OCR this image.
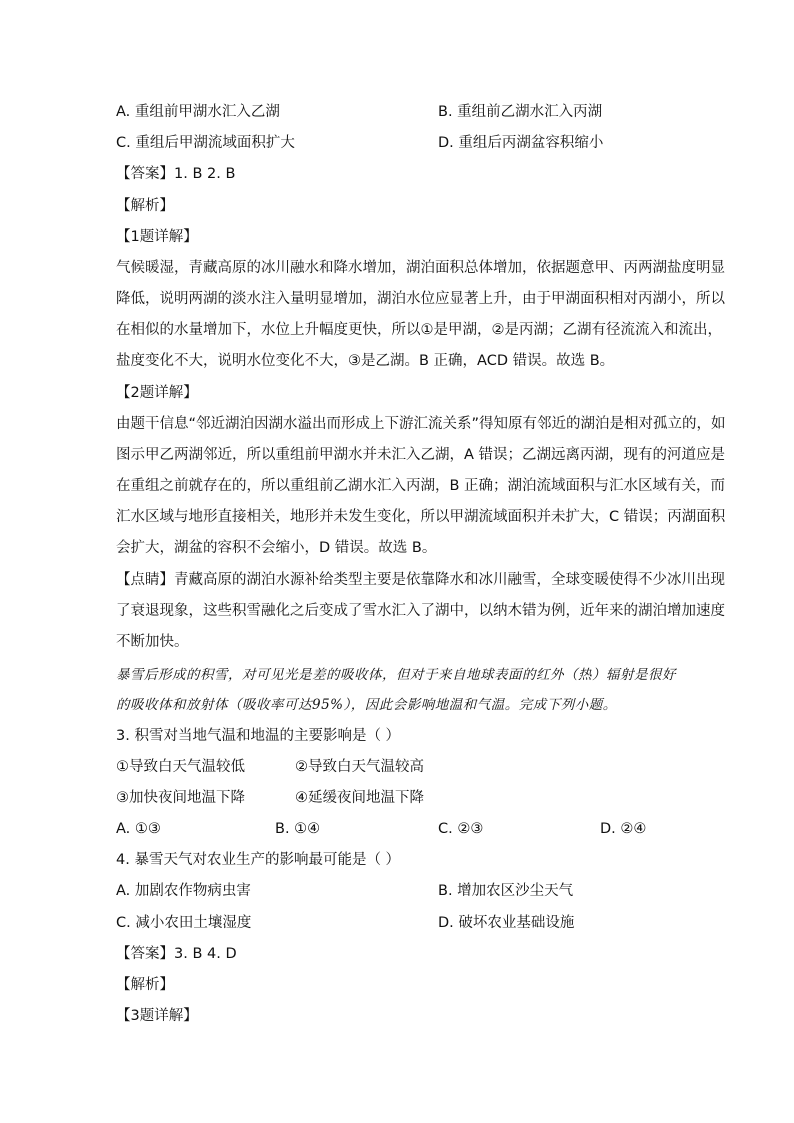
A. 重组前甲湖水汇入乙湖	B. 重组前乙湖水汇入丙湖
C. 重组后甲湖流域面积扩大	D. 重组后丙湖盆容积缩小
【答案】1. B 2. B
【解析】
【1题详解】
气候暖湿，青藏高原的冰川融水和降水增加，湖泊面积总体增加，依据题意甲、丙两湖盐度明显
降低，说明两湖的淡水注入量明显增加，湖泊水位应显著上升，由于甲湖面积相对丙湖小，所以
在相似的水量增加下，水位上升幅度更快，所以①是甲湖，②是丙湖；乙湖有径流流入和流出，
盐度变化不大，说明水位变化不大，③是乙湖。B 正确，ACD 错误。故选 B。
【2题详解】
由题干信息“邻近湖泊因湖水溢出而形成上下游汇流关系”得知原有邻近的湖泊是相对孤立的，如
图示甲乙两湖邻近，所以重组前甲湖水并未汇入乙湖，A 错误；乙湖远离丙湖，现有的河道应是
在重组之前就存在的，所以重组前乙湖水汇入丙湖，B 正确；湖泊流域面积与汇水区域有关，而
汇水区域与地形直接相关，地形并未发生变化，所以甲湖流域面积并未扩大，C 错误；丙湖面积
会扩大，湖盆的容积不会缩小，D 错误。故选 B。
【点睛】青藏高原的湖泊水源补给类型主要是依靠降水和冰川融雪，全球变暖使得不少冰川出现
了衰退现象，这些积雪融化之后变成了雪水汇入了湖中，以纳木错为例，近年来的湖泊增加速度
不断加快。
暴雪后形成的积雪，对可见光是差的吸收体，但对于来自地球表面的红外（热）辐射是很好
的吸收体和放射体（吸收率可达95%），因此会影响地温和气温。完成下列小题。
3. 积雪对当地气温和地温的主要影响是（ ）
①导致白天气温较低	②导致白天气温较高
③加快夜间地温下降	④延缓夜间地温下降
A. ①③	B. ①④	C. ②③	D. ②④
4. 暴雪天气对农业生产的影响最可能是（ ）
A. 加剧农作物病虫害	B. 增加农区沙尘天气
C. 减小农田土壤湿度	D. 破坏农业基础设施
【答案】3. B 4. D
【解析】
【3题详解】
